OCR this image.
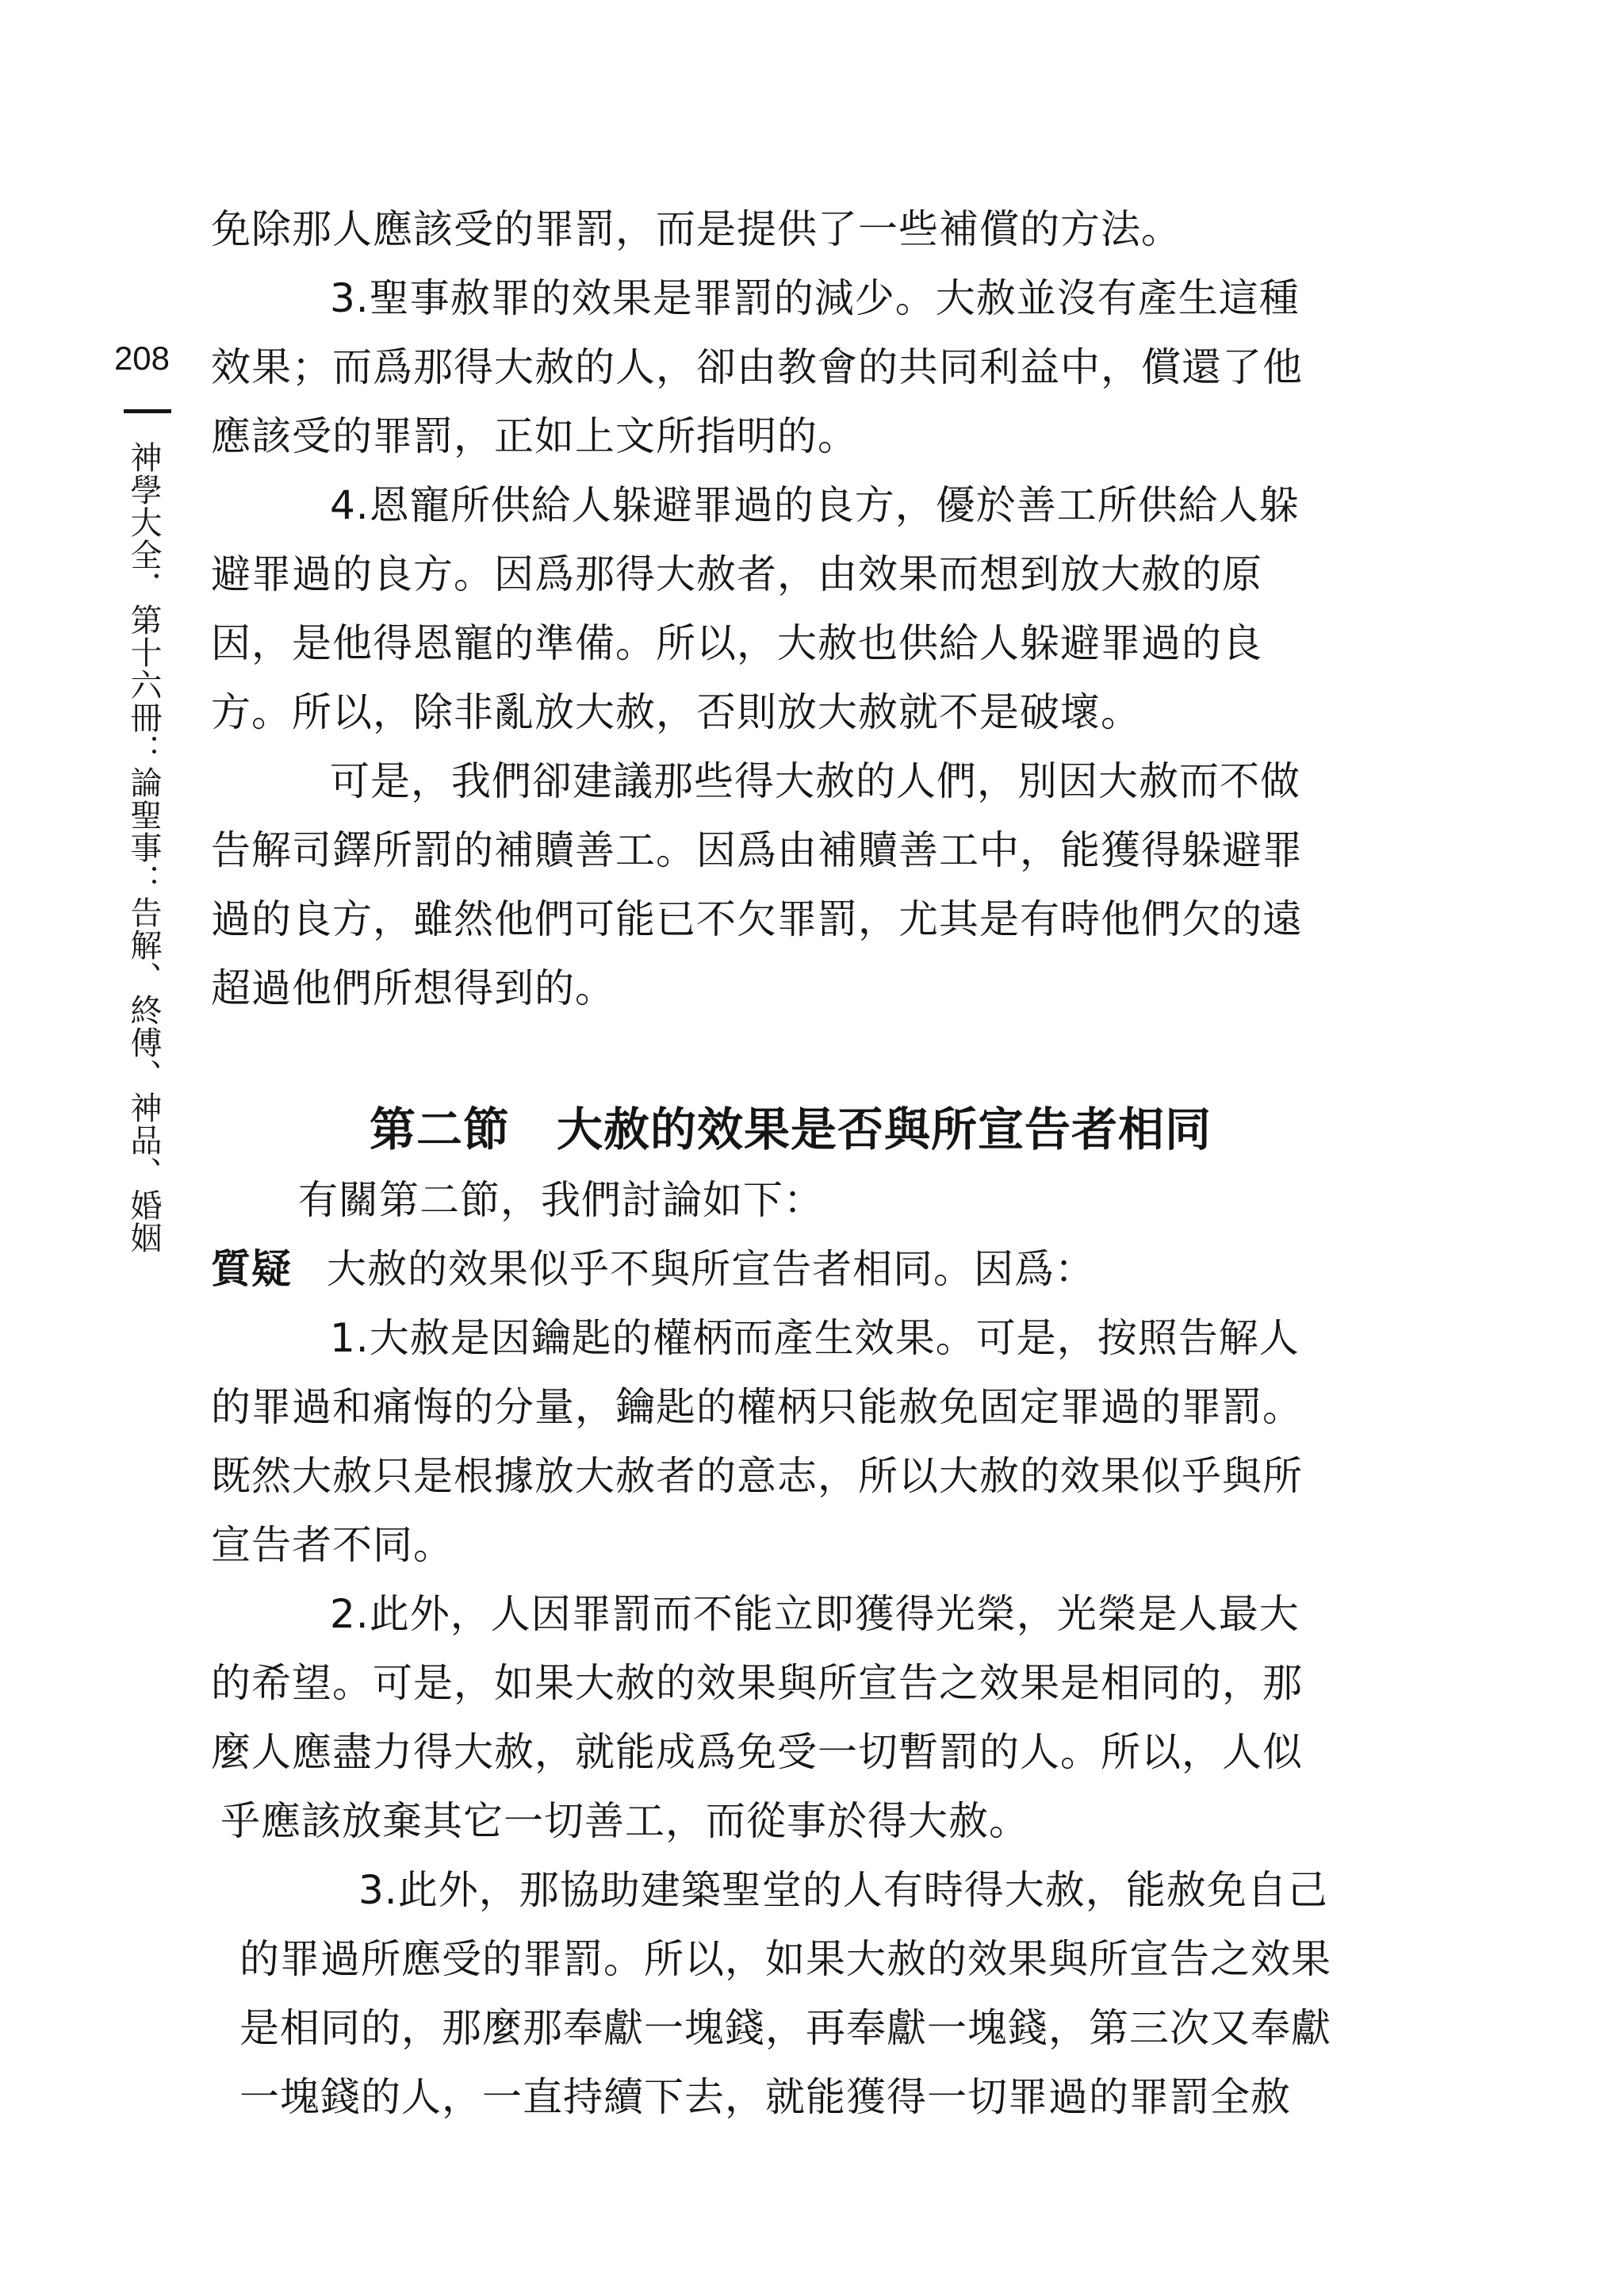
208
神學大全．第十六冊：論聖事：告解、終傅、神品、婚姻

免除那人應該受的罪罰，而是提供了一些補償的方法。

3.聖事赦罪的效果是罪罰的減少。大赦並沒有產生這種

效果；而爲那得大赦的人，卻由教會的共同利益中，償還了他

應該受的罪罰，正如上文所指明的。

4.恩寵所供給人躲避罪過的良方，優於善工所供給人躲

避罪過的良方。因爲那得大赦者，由效果而想到放大赦的原

因，是他得恩寵的準備。所以，大赦也供給人躲避罪過的良

方。所以，除非亂放大赦，否則放大赦就不是破壞。

可是，我們卻建議那些得大赦的人們，別因大赦而不做

告解司鐸所罰的補贖善工。因爲由補贖善工中，能獲得躲避罪

過的良方，雖然他們可能已不欠罪罰，尤其是有時他們欠的遠

超過他們所想得到的。

第二節　大赦的效果是否與所宣告者相同

有關第二節，我們討論如下：

質疑 大赦的效果似乎不與所宣告者相同。因爲：

1.大赦是因鑰匙的權柄而產生效果。可是，按照告解人

的罪過和痛悔的分量，鑰匙的權柄只能赦免固定罪過的罪罰。

既然大赦只是根據放大赦者的意志，所以大赦的效果似乎與所

宣告者不同。

2.此外，人因罪罰而不能立即獲得光榮，光榮是人最大

的希望。可是，如果大赦的效果與所宣告之效果是相同的，那

麼人應盡力得大赦，就能成爲免受一切暫罰的人。所以，人似

乎應該放棄其它一切善工，而從事於得大赦。

3.此外，那協助建築聖堂的人有時得大赦，能赦免自己

的罪過所應受的罪罰。所以，如果大赦的效果與所宣告之效果

是相同的，那麼那奉獻一塊錢，再奉獻一塊錢，第三次又奉獻

一塊錢的人，一直持續下去，就能獲得一切罪過的罪罰全赦
